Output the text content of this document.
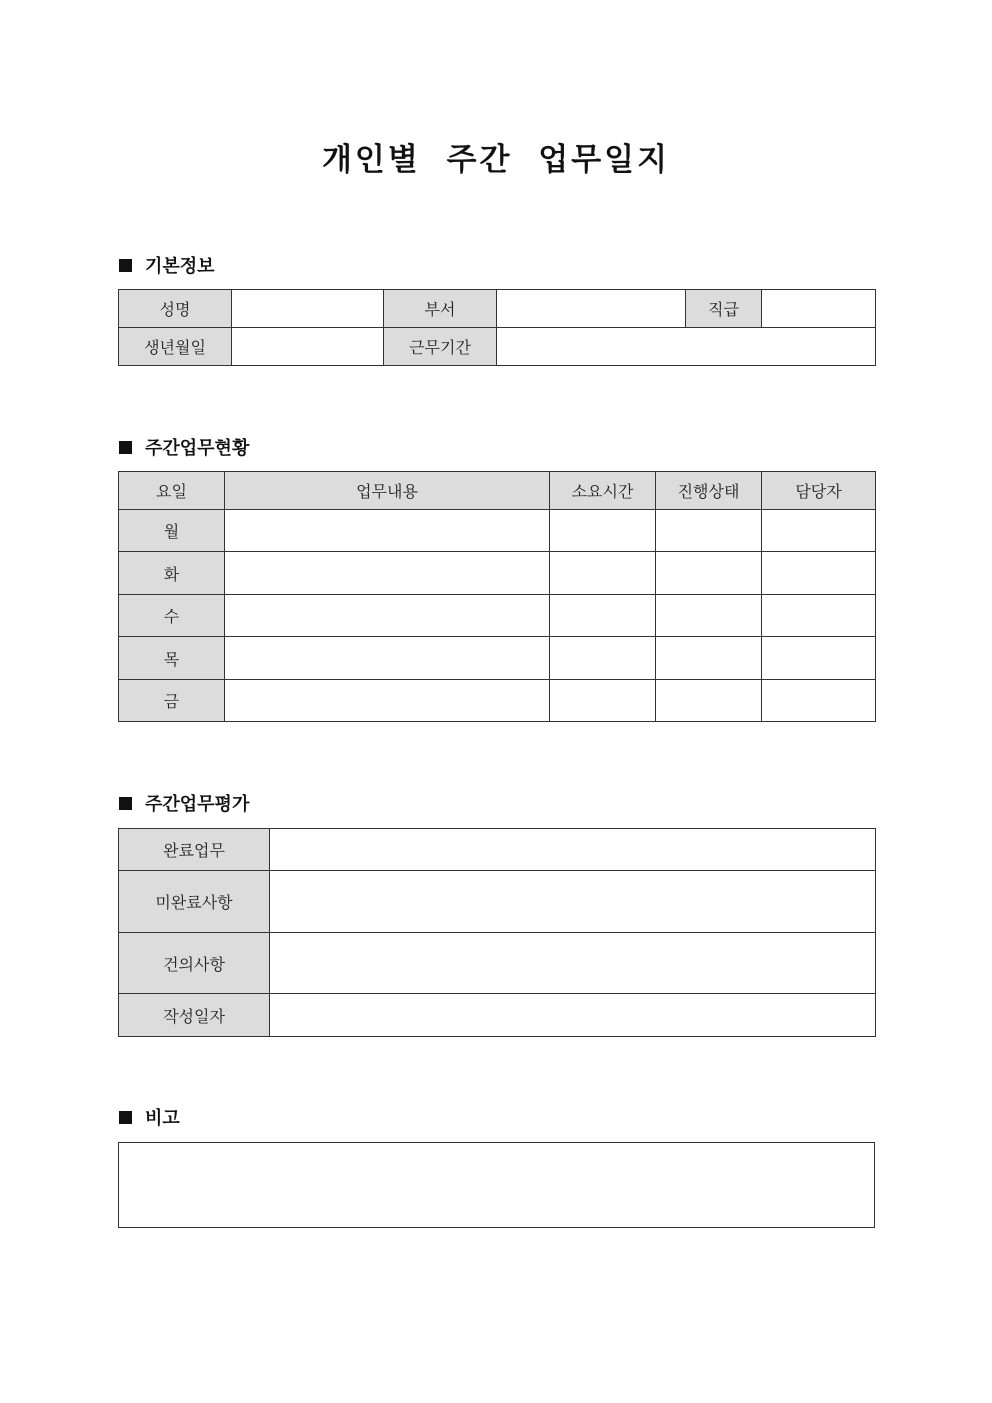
개인별 주간 업무일지
기본정보
성명		부서		직급	
생년월일		근무기간			
주간업무현황
요일	업무내용	소요시간	진행상태	담당자
월				
화				
수				
목				
금				
주간업무평가
완료업무	
미완료사항	
건의사항	
작성일자	
비고
